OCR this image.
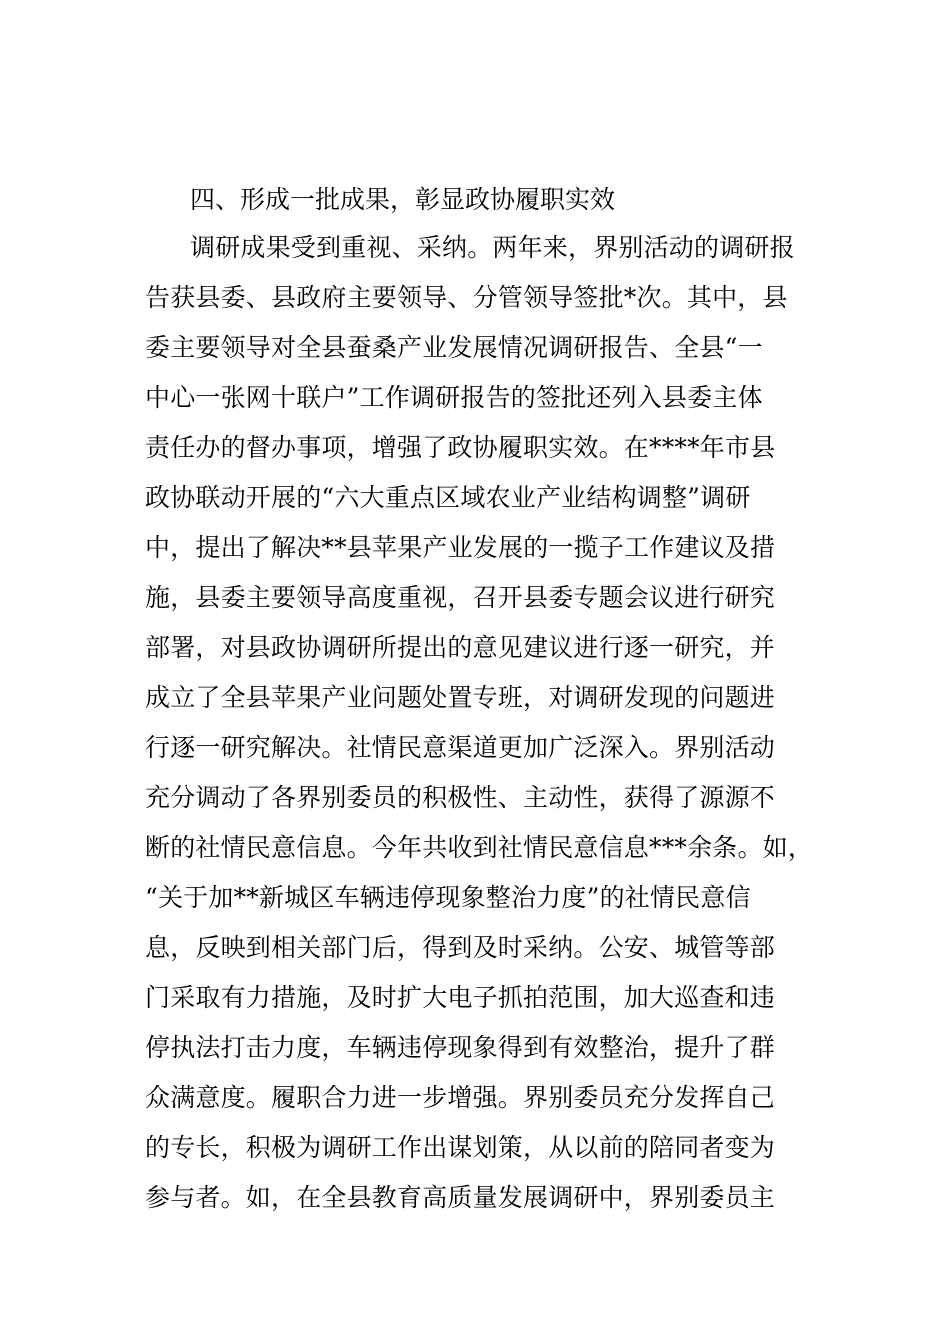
四、形成一批成果，彰显政协履职实效
调研成果受到重视、采纳。两年来，界别活动的调研报
告获县委、县政府主要领导、分管领导签批*次。其中，县
委主要领导对全县蚕桑产业发展情况调研报告、全县“一
中心一张网十联户”工作调研报告的签批还列入县委主体
责任办的督办事项，增强了政协履职实效。在****年市县
政协联动开展的“六大重点区域农业产业结构调整”调研
中，提出了解决**县苹果产业发展的一揽子工作建议及措
施，县委主要领导高度重视，召开县委专题会议进行研究
部署，对县政协调研所提出的意见建议进行逐一研究，并
成立了全县苹果产业问题处置专班，对调研发现的问题进
行逐一研究解决。社情民意渠道更加广泛深入。界别活动
充分调动了各界别委员的积极性、主动性，获得了源源不
断的社情民意信息。今年共收到社情民意信息***余条。如，
“关于加**新城区车辆违停现象整治力度”的社情民意信
息，反映到相关部门后，得到及时采纳。公安、城管等部
门采取有力措施，及时扩大电子抓拍范围，加大巡查和违
停执法打击力度，车辆违停现象得到有效整治，提升了群
众满意度。履职合力进一步增强。界别委员充分发挥自己
的专长，积极为调研工作出谋划策，从以前的陪同者变为
参与者。如，在全县教育高质量发展调研中，界别委员主
